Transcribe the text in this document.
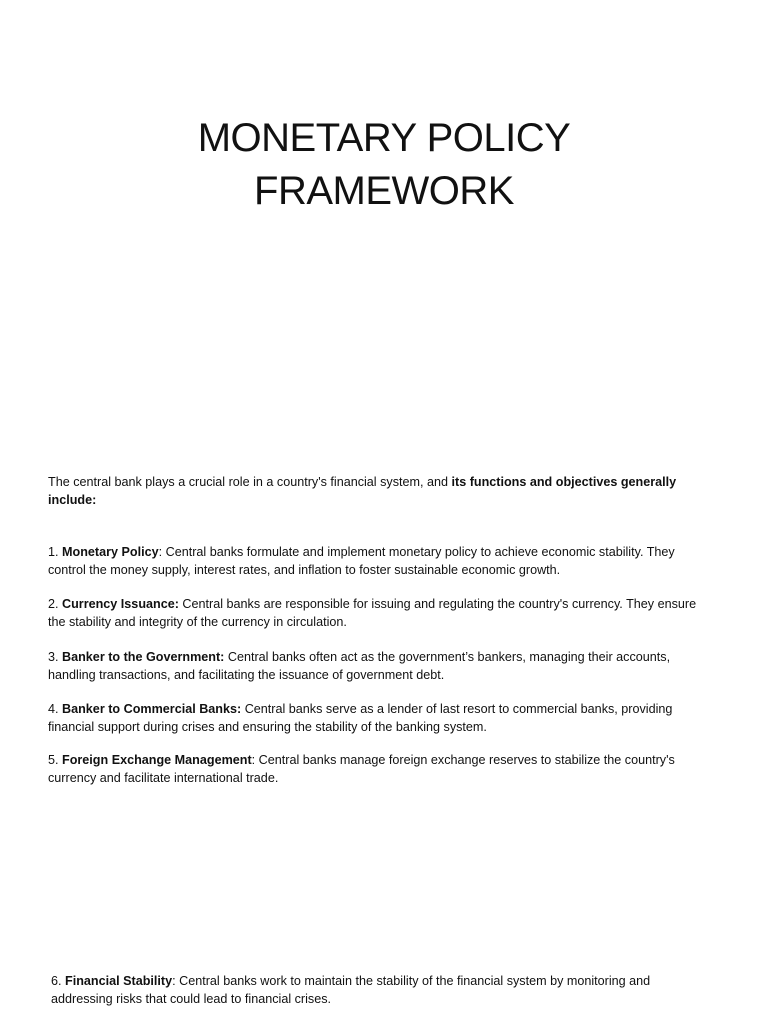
MONETARY POLICY
FRAMEWORK

The central bank plays a crucial role in a country's financial system, and its functions and objectives generally include:

1. Monetary Policy: Central banks formulate and implement monetary policy to achieve economic stability. They control the money supply, interest rates, and inflation to foster sustainable economic growth.

2. Currency Issuance: Central banks are responsible for issuing and regulating the country's currency. They ensure the stability and integrity of the currency in circulation.

3. Banker to the Government: Central banks often act as the government’s bankers, managing their accounts, handling transactions, and facilitating the issuance of government debt.

4. Banker to Commercial Banks: Central banks serve as a lender of last resort to commercial banks, providing financial support during crises and ensuring the stability of the banking system.

5. Foreign Exchange Management: Central banks manage foreign exchange reserves to stabilize the country's currency and facilitate international trade.

6. Financial Stability: Central banks work to maintain the stability of the financial system by monitoring and addressing risks that could lead to financial crises.
